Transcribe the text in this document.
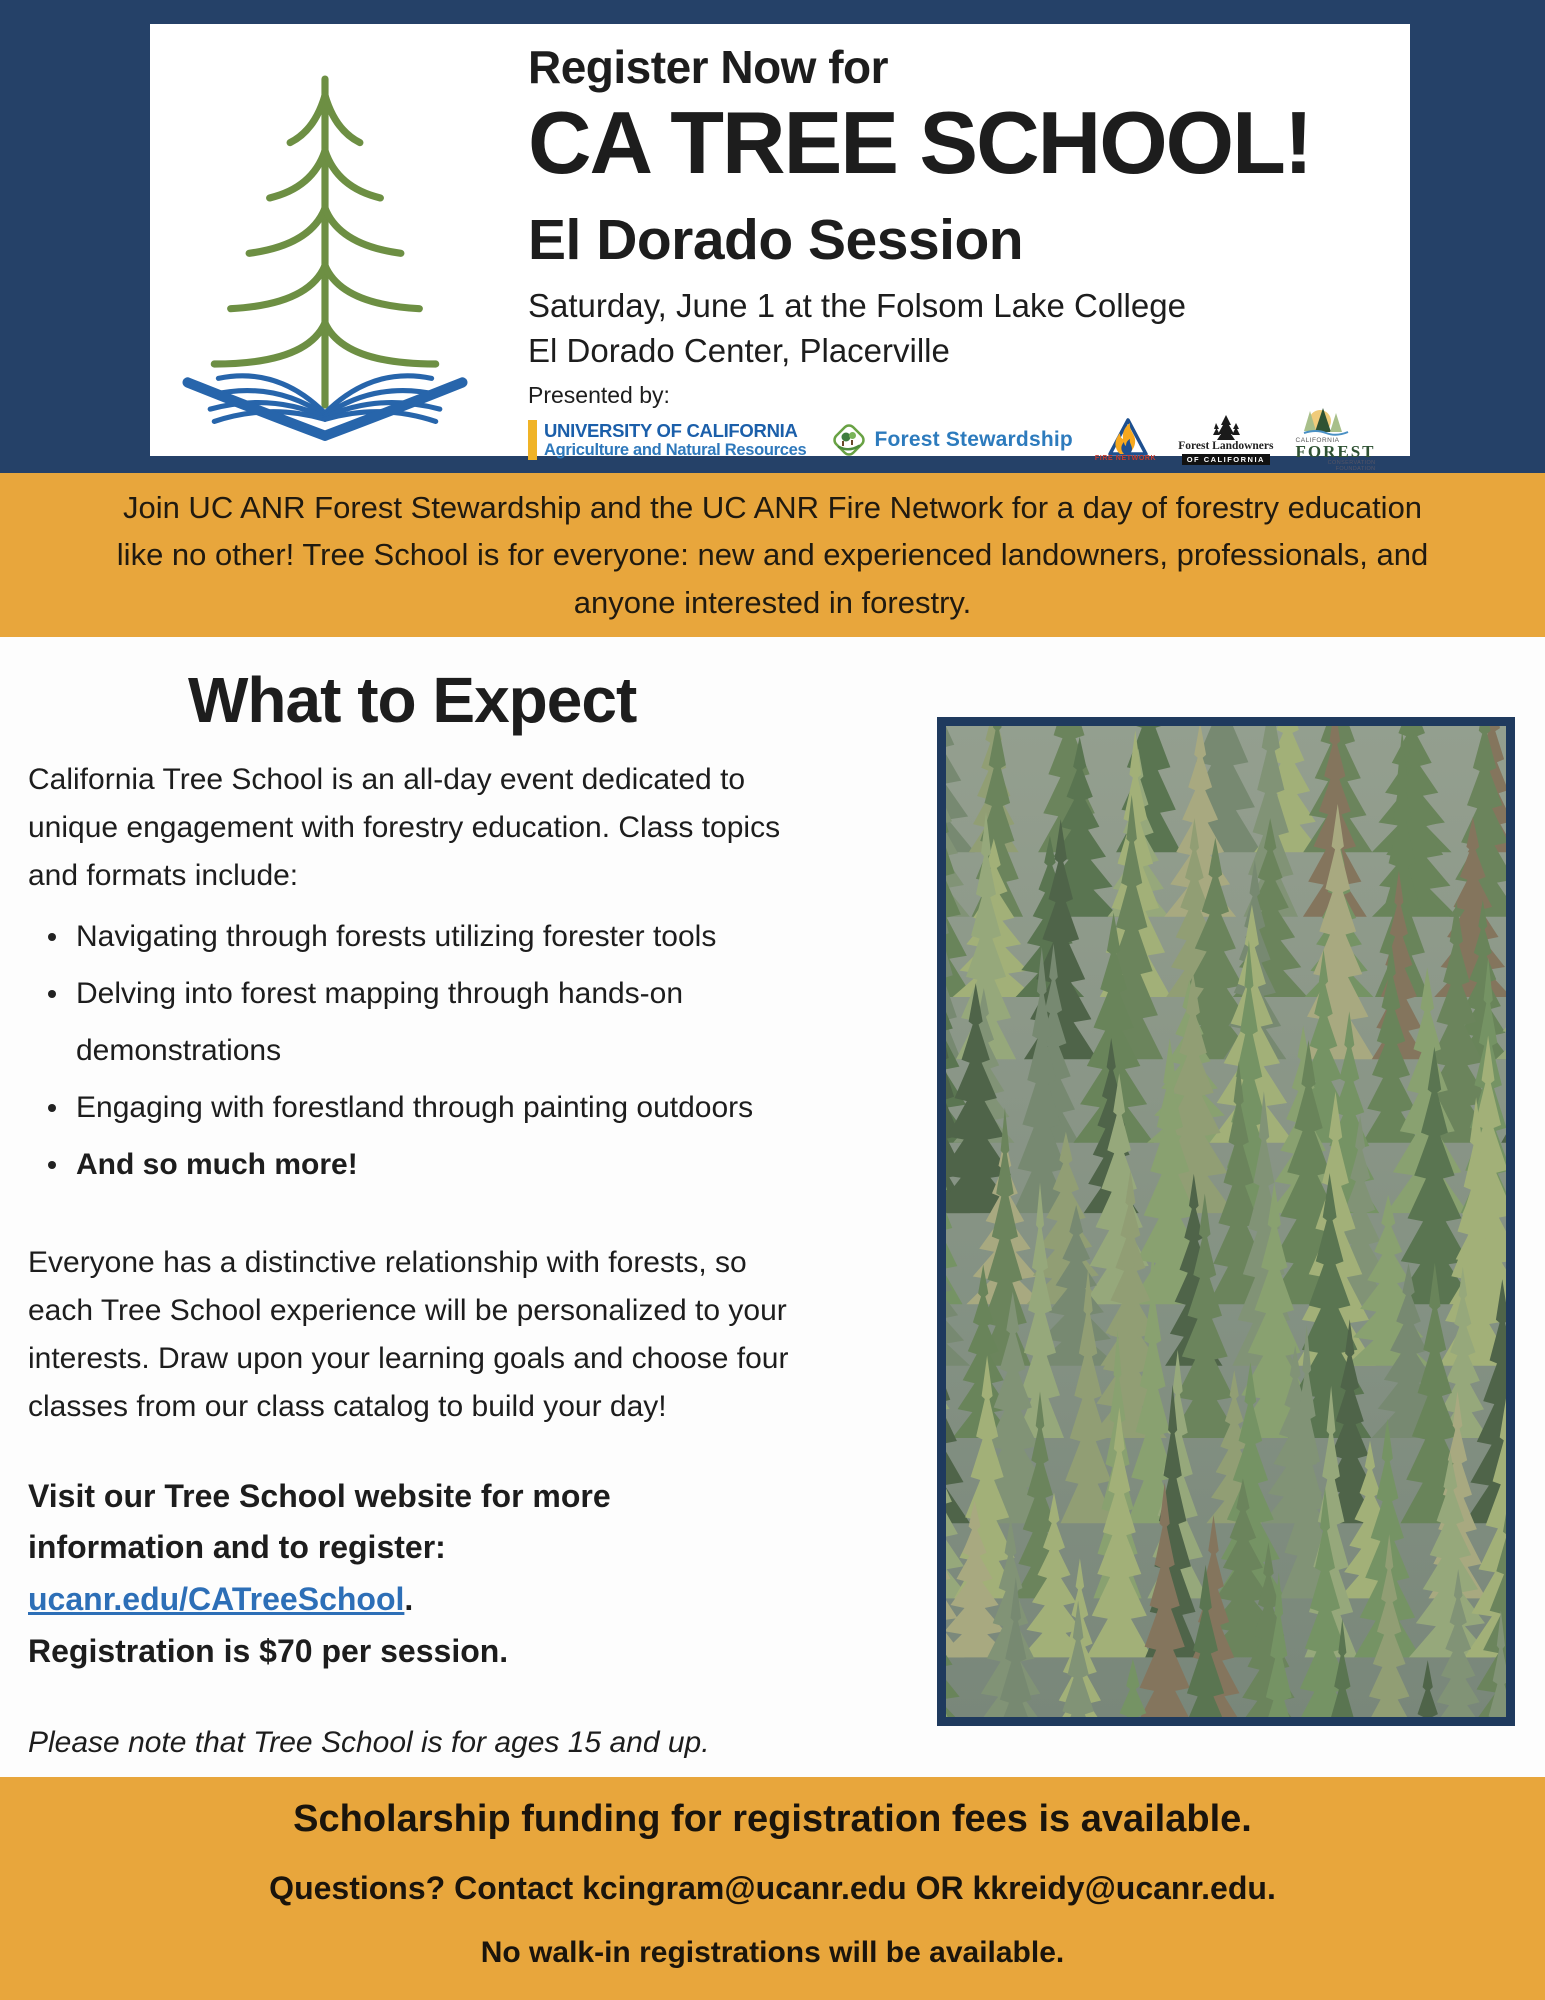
Register Now for
CA TREE SCHOOL!
El Dorado Session
Saturday, June 1 at the Folsom Lake College
El Dorado Center, Placerville
Presented by:
UNIVERSITY OF CALIFORNIA
Agriculture and Natural Resources	Forest Stewardship
FIRE NETWORK
Forest Landowners
OF CALIFORNIA
CALIFORNIA
FOREST
CONSERVATION
FOUNDATION
Join UC ANR Forest Stewardship and the UC ANR Fire Network for a day of forestry education
like no other! Tree School is for everyone: new and experienced landowners, professionals, and
anyone interested in forestry.
What to Expect
California Tree School is an all-day event dedicated to
unique engagement with forestry education. Class topics
and formats include:
Navigating through forests utilizing forester tools
Delving into forest mapping through hands-on
demonstrations
Engaging with forestland through painting outdoors
And so much more!
Everyone has a distinctive relationship with forests, so
each Tree School experience will be personalized to your
interests. Draw upon your learning goals and choose four
classes from our class catalog to build your day!
Visit our Tree School website for more
information and to register:
ucanr.edu/CATreeSchool.
Registration is $70 per session.
Please note that Tree School is for ages 15 and up.
Scholarship funding for registration fees is available.
Questions? Contact kcingram@ucanr.edu OR kkreidy@ucanr.edu.
No walk-in registrations will be available.
